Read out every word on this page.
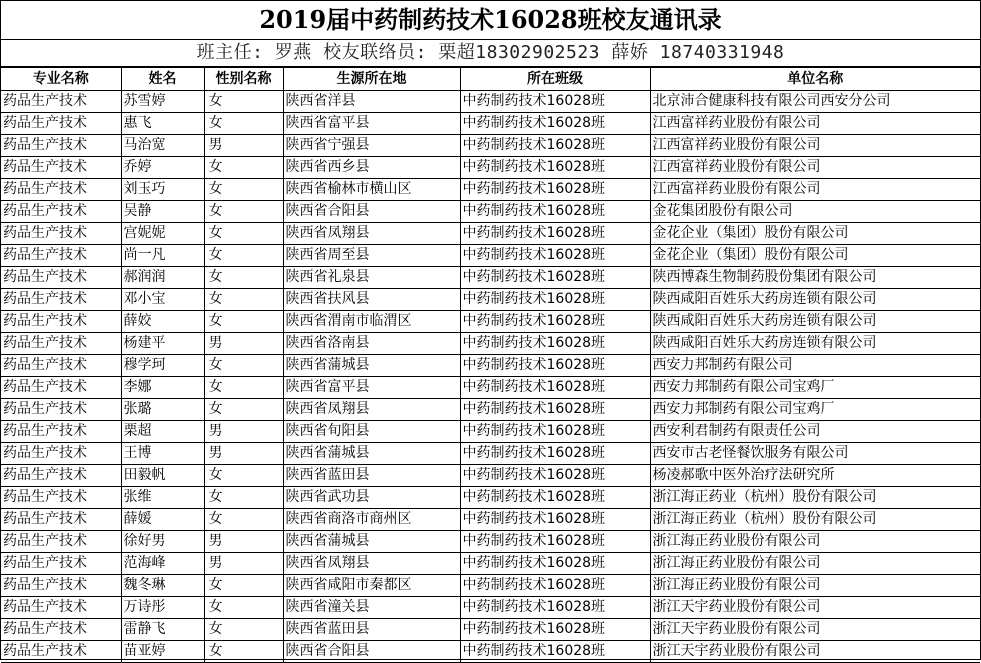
2019届中药制药技术16028班校友通讯录
班主任: 罗燕 校友联络员: 栗超18302902523 薛娇 18740331948
专业名称	姓名	性别名称	生源所在地	所在班级	单位名称
药品生产技术	苏雪婷	女	陕西省洋县	中药制药技术16028班	北京沛合健康科技有限公司西安分公司
药品生产技术	惠飞	女	陕西省富平县	中药制药技术16028班	江西富祥药业股份有限公司
药品生产技术	马治宽	男	陕西省宁强县	中药制药技术16028班	江西富祥药业股份有限公司
药品生产技术	乔婷	女	陕西省西乡县	中药制药技术16028班	江西富祥药业股份有限公司
药品生产技术	刘玉巧	女	陕西省榆林市横山区	中药制药技术16028班	江西富祥药业股份有限公司
药品生产技术	吴静	女	陕西省合阳县	中药制药技术16028班	金花集团股份有限公司
药品生产技术	宫妮妮	女	陕西省凤翔县	中药制药技术16028班	金花企业（集团）股份有限公司
药品生产技术	尚一凡	女	陕西省周至县	中药制药技术16028班	金花企业（集团）股份有限公司
药品生产技术	郝润润	女	陕西省礼泉县	中药制药技术16028班	陕西博森生物制药股份集团有限公司
药品生产技术	邓小宝	女	陕西省扶风县	中药制药技术16028班	陕西咸阳百姓乐大药房连锁有限公司
药品生产技术	薛姣	女	陕西省渭南市临渭区	中药制药技术16028班	陕西咸阳百姓乐大药房连锁有限公司
药品生产技术	杨建平	男	陕西省洛南县	中药制药技术16028班	陕西咸阳百姓乐大药房连锁有限公司
药品生产技术	穆学珂	女	陕西省蒲城县	中药制药技术16028班	西安力邦制药有限公司
药品生产技术	李娜	女	陕西省富平县	中药制药技术16028班	西安力邦制药有限公司宝鸡厂
药品生产技术	张璐	女	陕西省凤翔县	中药制药技术16028班	西安力邦制药有限公司宝鸡厂
药品生产技术	栗超	男	陕西省旬阳县	中药制药技术16028班	西安利君制药有限责任公司
药品生产技术	王博	男	陕西省蒲城县	中药制药技术16028班	西安市古老怪餐饮服务有限公司
药品生产技术	田毅帆	女	陕西省蓝田县	中药制药技术16028班	杨凌郝歌中医外治疗法研究所
药品生产技术	张维	女	陕西省武功县	中药制药技术16028班	浙江海正药业（杭州）股份有限公司
药品生产技术	薛媛	女	陕西省商洛市商州区	中药制药技术16028班	浙江海正药业（杭州）股份有限公司
药品生产技术	徐好男	男	陕西省蒲城县	中药制药技术16028班	浙江海正药业股份有限公司
药品生产技术	范海峰	男	陕西省凤翔县	中药制药技术16028班	浙江海正药业股份有限公司
药品生产技术	魏冬琳	女	陕西省咸阳市秦都区	中药制药技术16028班	浙江海正药业股份有限公司
药品生产技术	万诗彤	女	陕西省潼关县	中药制药技术16028班	浙江天宇药业股份有限公司
药品生产技术	雷静飞	女	陕西省蓝田县	中药制药技术16028班	浙江天宇药业股份有限公司
药品生产技术	苗亚婷	女	陕西省合阳县	中药制药技术16028班	浙江天宇药业股份有限公司
